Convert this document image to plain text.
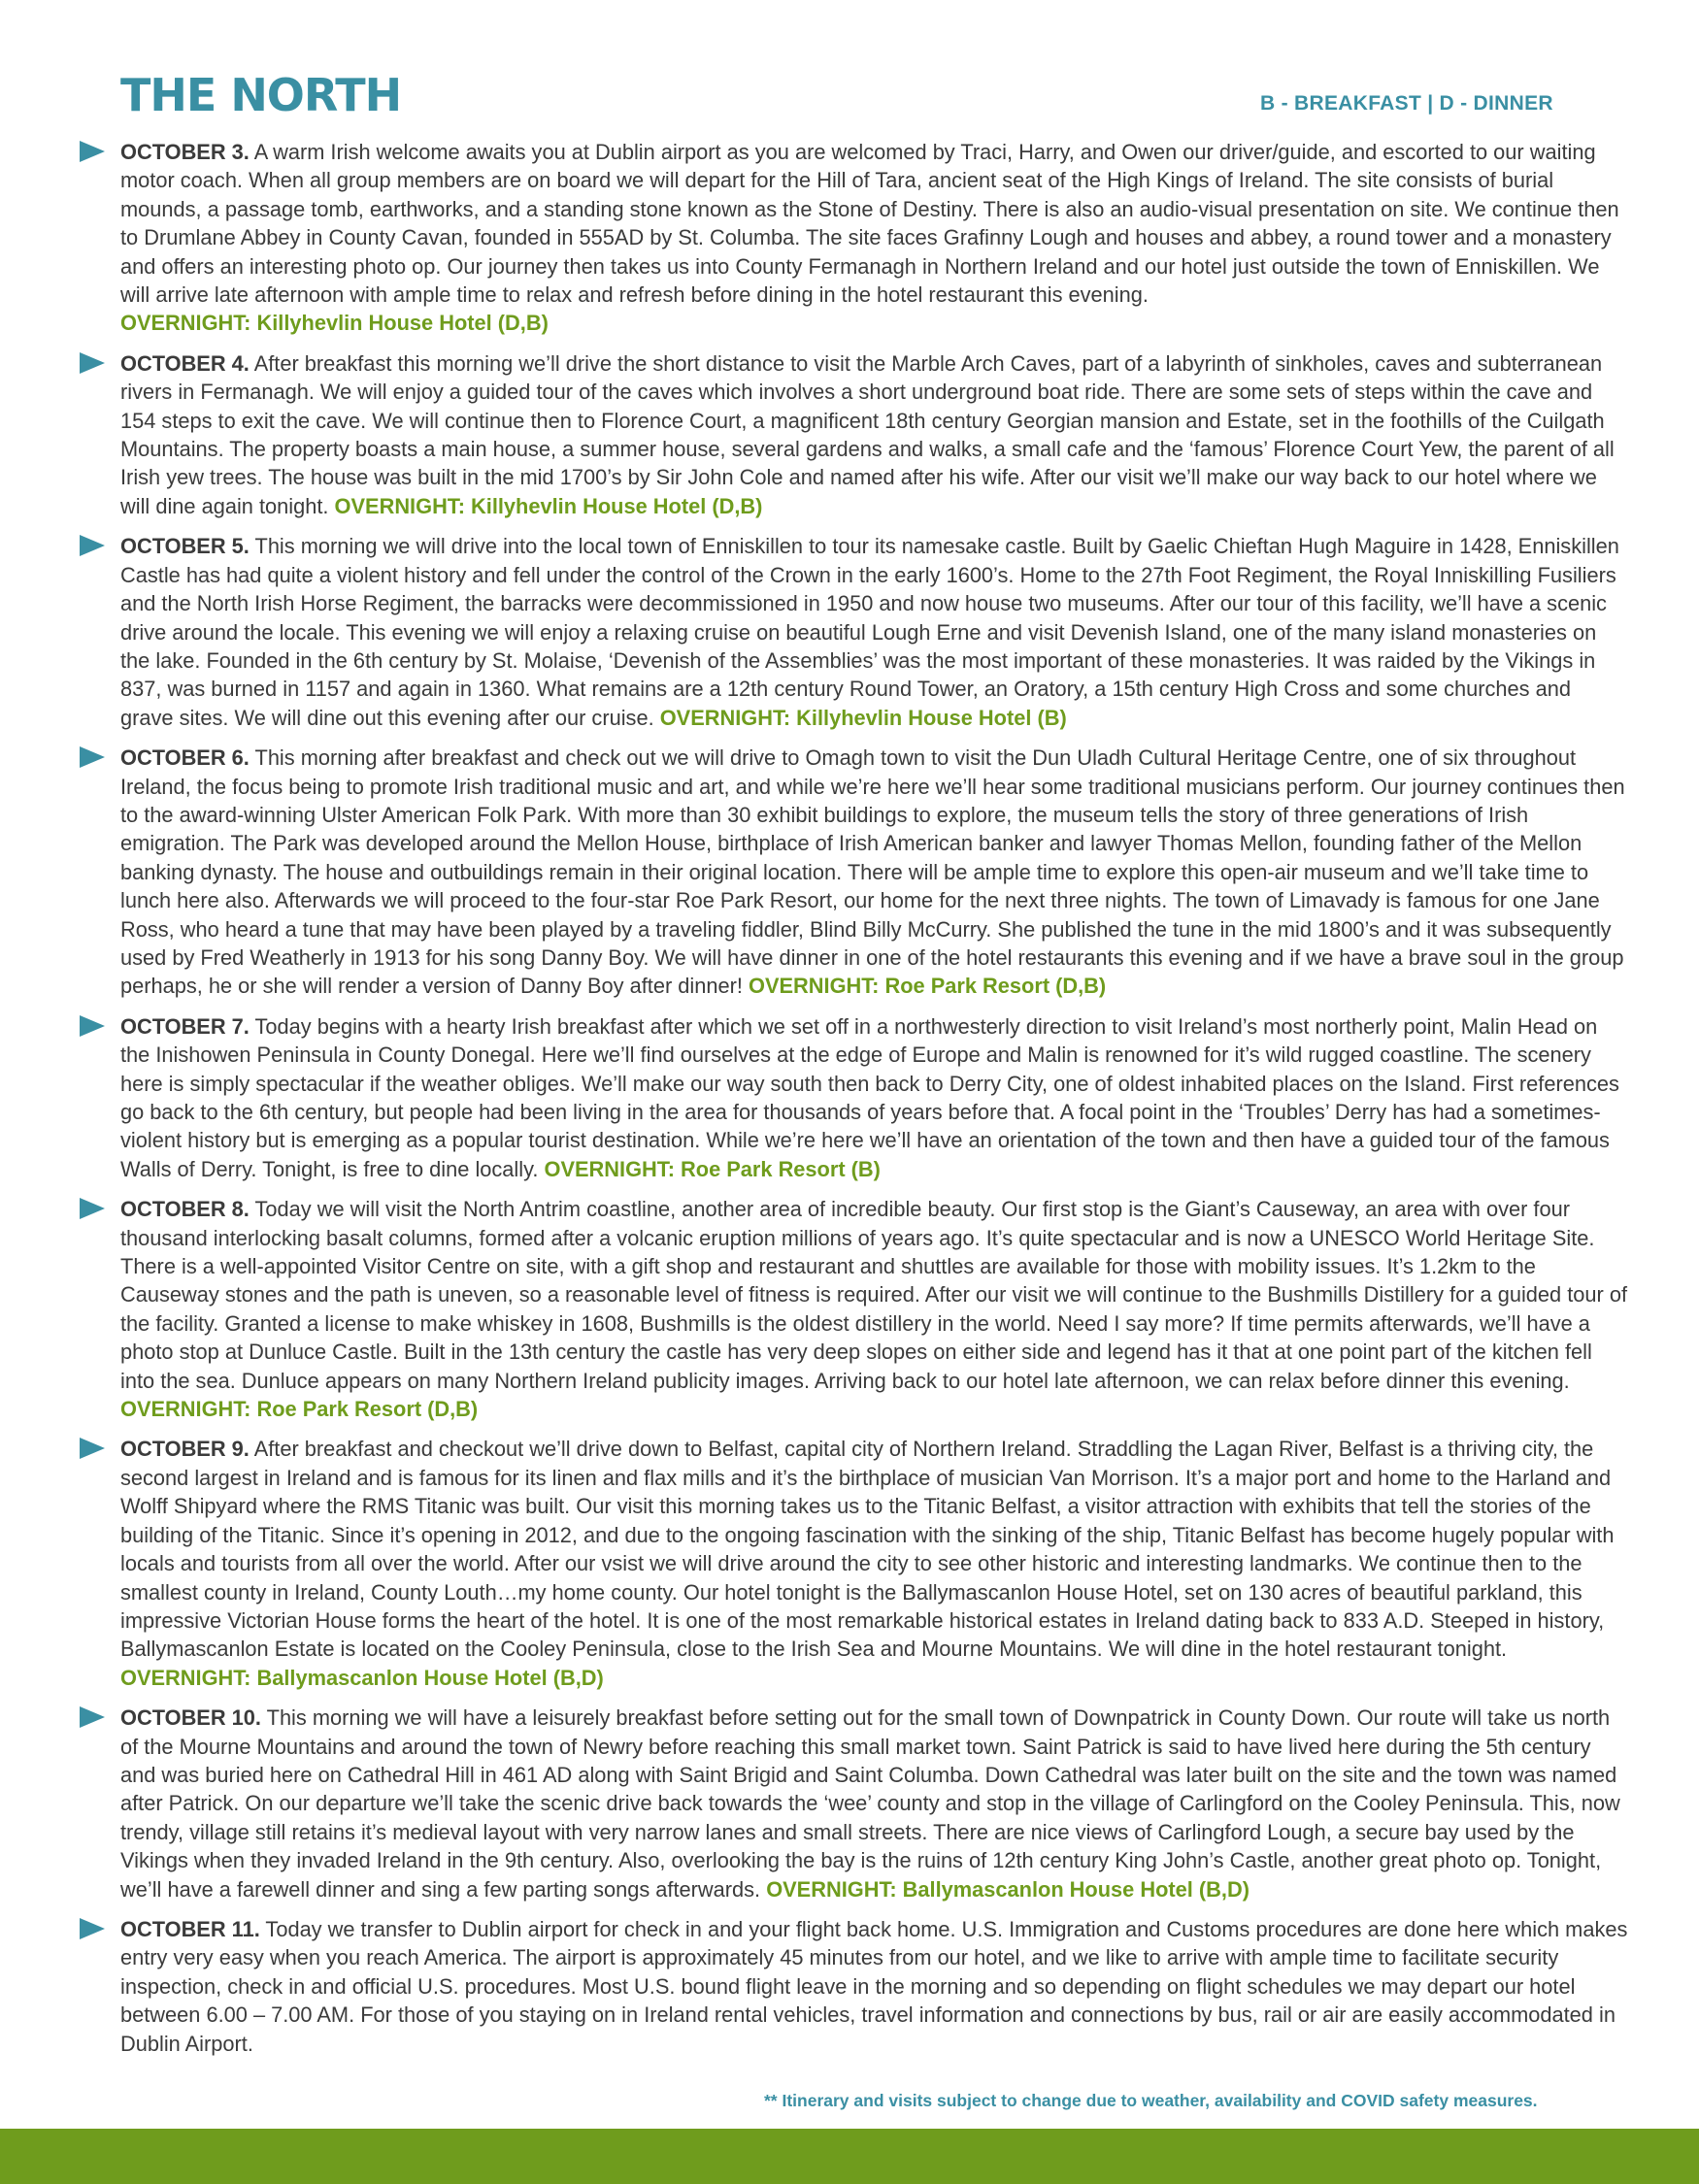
THE NORTH	B - BREAKFAST | D - DINNER
OCTOBER 3. A warm Irish welcome awaits you at Dublin airport as you are welcomed by Traci, Harry, and Owen our driver/guide, and escorted to our waiting motor coach. When all group members are on board we will depart for the Hill of Tara, ancient seat of the High Kings of Ireland. The site consists of burial mounds, a passage tomb, earthworks, and a standing stone known as the Stone of Destiny. There is also an audio-visual presentation on site. We continue then to Drumlane Abbey in County Cavan, founded in 555AD by St. Columba. The site faces Grafinny Lough and houses and abbey, a round tower and a monastery and offers an interesting photo op. Our journey then takes us into County Fermanagh in Northern Ireland and our hotel just outside the town of Enniskillen. We will arrive late afternoon with ample time to relax and refresh before dining in the hotel restaurant this evening.
OVERNIGHT: Killyhevlin House Hotel (D,B)
OCTOBER 4. After breakfast this morning we’ll drive the short distance to visit the Marble Arch Caves, part of a labyrinth of sinkholes, caves and subterranean rivers in Fermanagh. We will enjoy a guided tour of the caves which involves a short underground boat ride. There are some sets of steps within the cave and 154 steps to exit the cave. We will continue then to Florence Court, a magnificent 18th century Georgian mansion and Estate, set in the foothills of the Cuilgath Mountains. The property boasts a main house, a summer house, several gardens and walks, a small cafe and the ‘famous’ Florence Court Yew, the parent of all Irish yew trees. The house was built in the mid 1700’s by Sir John Cole and named after his wife. After our visit we’ll make our way back to our hotel where we will dine again tonight. OVERNIGHT: Killyhevlin House Hotel (D,B)
OCTOBER 5. This morning we will drive into the local town of Enniskillen to tour its namesake castle. Built by Gaelic Chieftan Hugh Maguire in 1428, Enniskillen Castle has had quite a violent history and fell under the control of the Crown in the early 1600’s. Home to the 27th Foot Regiment, the Royal Inniskilling Fusiliers and the North Irish Horse Regiment, the barracks were decommissioned in 1950 and now house two museums. After our tour of this facility, we’ll have a scenic drive around the locale. This evening we will enjoy a relaxing cruise on beautiful Lough Erne and visit Devenish Island, one of the many island monasteries on the lake. Founded in the 6th century by St. Molaise, ‘Devenish of the Assemblies’ was the most important of these monasteries. It was raided by the Vikings in 837, was burned in 1157 and again in 1360. What remains are a 12th century Round Tower, an Oratory, a 15th century High Cross and some churches and grave sites. We will dine out this evening after our cruise. OVERNIGHT: Killyhevlin House Hotel (B)
OCTOBER 6. This morning after breakfast and check out we will drive to Omagh town to visit the Dun Uladh Cultural Heritage Centre, one of six throughout Ireland, the focus being to promote Irish traditional music and art, and while we’re here we’ll hear some traditional musicians perform. Our journey continues then to the award-winning Ulster American Folk Park. With more than 30 exhibit buildings to explore, the museum tells the story of three generations of Irish emigration. The Park was developed around the Mellon House, birthplace of Irish American banker and lawyer Thomas Mellon, founding father of the Mellon banking dynasty. The house and outbuildings remain in their original location. There will be ample time to explore this open-air museum and we’ll take time to lunch here also. Afterwards we will proceed to the four-star Roe Park Resort, our home for the next three nights. The town of Limavady is famous for one Jane Ross, who heard a tune that may have been played by a traveling fiddler, Blind Billy McCurry. She published the tune in the mid 1800’s and it was subsequently used by Fred Weatherly in 1913 for his song Danny Boy. We will have dinner in one of the hotel restaurants this evening and if we have a brave soul in the group perhaps, he or she will render a version of Danny Boy after dinner! OVERNIGHT: Roe Park Resort (D,B)
OCTOBER 7. Today begins with a hearty Irish breakfast after which we set off in a northwesterly direction to visit Ireland’s most northerly point, Malin Head on the Inishowen Peninsula in County Donegal. Here we’ll find ourselves at the edge of Europe and Malin is renowned for it’s wild rugged coastline. The scenery here is simply spectacular if the weather obliges. We’ll make our way south then back to Derry City, one of oldest inhabited places on the Island. First references go back to the 6th century, but people had been living in the area for thousands of years before that. A focal point in the ‘Troubles’ Derry has had a sometimes-violent history but is emerging as a popular tourist destination. While we’re here we’ll have an orientation of the town and then have a guided tour of the famous Walls of Derry. Tonight, is free to dine locally. OVERNIGHT: Roe Park Resort (B)
OCTOBER 8. Today we will visit the North Antrim coastline, another area of incredible beauty. Our first stop is the Giant’s Causeway, an area with over four thousand interlocking basalt columns, formed after a volcanic eruption millions of years ago. It’s quite spectacular and is now a UNESCO World Heritage Site. There is a well-appointed Visitor Centre on site, with a gift shop and restaurant and shuttles are available for those with mobility issues. It’s 1.2km to the Causeway stones and the path is uneven, so a reasonable level of fitness is required. After our visit we will continue to the Bushmills Distillery for a guided tour of the facility. Granted a license to make whiskey in 1608, Bushmills is the oldest distillery in the world. Need I say more? If time permits afterwards, we’ll have a photo stop at Dunluce Castle. Built in the 13th century the castle has very deep slopes on either side and legend has it that at one point part of the kitchen fell into the sea. Dunluce appears on many Northern Ireland publicity images. Arriving back to our hotel late afternoon, we can relax before dinner this evening. OVERNIGHT: Roe Park Resort (D,B)
OCTOBER 9. After breakfast and checkout we’ll drive down to Belfast, capital city of Northern Ireland. Straddling the Lagan River, Belfast is a thriving city, the second largest in Ireland and is famous for its linen and flax mills and it’s the birthplace of musician Van Morrison. It’s a major port and home to the Harland and Wolff Shipyard where the RMS Titanic was built. Our visit this morning takes us to the Titanic Belfast, a visitor attraction with exhibits that tell the stories of the building of the Titanic. Since it’s opening in 2012, and due to the ongoing fascination with the sinking of the ship, Titanic Belfast has become hugely popular with locals and tourists from all over the world. After our vsist we will drive around the city to see other historic and interesting landmarks. We continue then to the smallest county in Ireland, County Louth…my home county. Our hotel tonight is the Ballymascanlon House Hotel, set on 130 acres of beautiful parkland, this impressive Victorian House forms the heart of the hotel. It is one of the most remarkable historical estates in Ireland dating back to 833 A.D. Steeped in history, Ballymascanlon Estate is located on the Cooley Peninsula, close to the Irish Sea and Mourne Mountains. We will dine in the hotel restaurant tonight. OVERNIGHT: Ballymascanlon House Hotel (B,D)
OCTOBER 10. This morning we will have a leisurely breakfast before setting out for the small town of Downpatrick in County Down. Our route will take us north of the Mourne Mountains and around the town of Newry before reaching this small market town. Saint Patrick is said to have lived here during the 5th century and was buried here on Cathedral Hill in 461 AD along with Saint Brigid and Saint Columba. Down Cathedral was later built on the site and the town was named after Patrick. On our departure we’ll take the scenic drive back towards the ‘wee’ county and stop in the village of Carlingford on the Cooley Peninsula. This, now trendy, village still retains it’s medieval layout with very narrow lanes and small streets. There are nice views of Carlingford Lough, a secure bay used by the Vikings when they invaded Ireland in the 9th century. Also, overlooking the bay is the ruins of 12th century King John’s Castle, another great photo op. Tonight, we’ll have a farewell dinner and sing a few parting songs afterwards. OVERNIGHT: Ballymascanlon House Hotel (B,D)
OCTOBER 11. Today we transfer to Dublin airport for check in and your flight back home. U.S. Immigration and Customs procedures are done here which makes entry very easy when you reach America. The airport is approximately 45 minutes from our hotel, and we like to arrive with ample time to facilitate security inspection, check in and official U.S. procedures. Most U.S. bound flight leave in the morning and so depending on flight schedules we may depart our hotel between 6.00 – 7.00 AM. For those of you staying on in Ireland rental vehicles, travel information and connections by bus, rail or air are easily accommodated in Dublin Airport.
** Itinerary and visits subject to change due to weather, availability and COVID safety measures.
